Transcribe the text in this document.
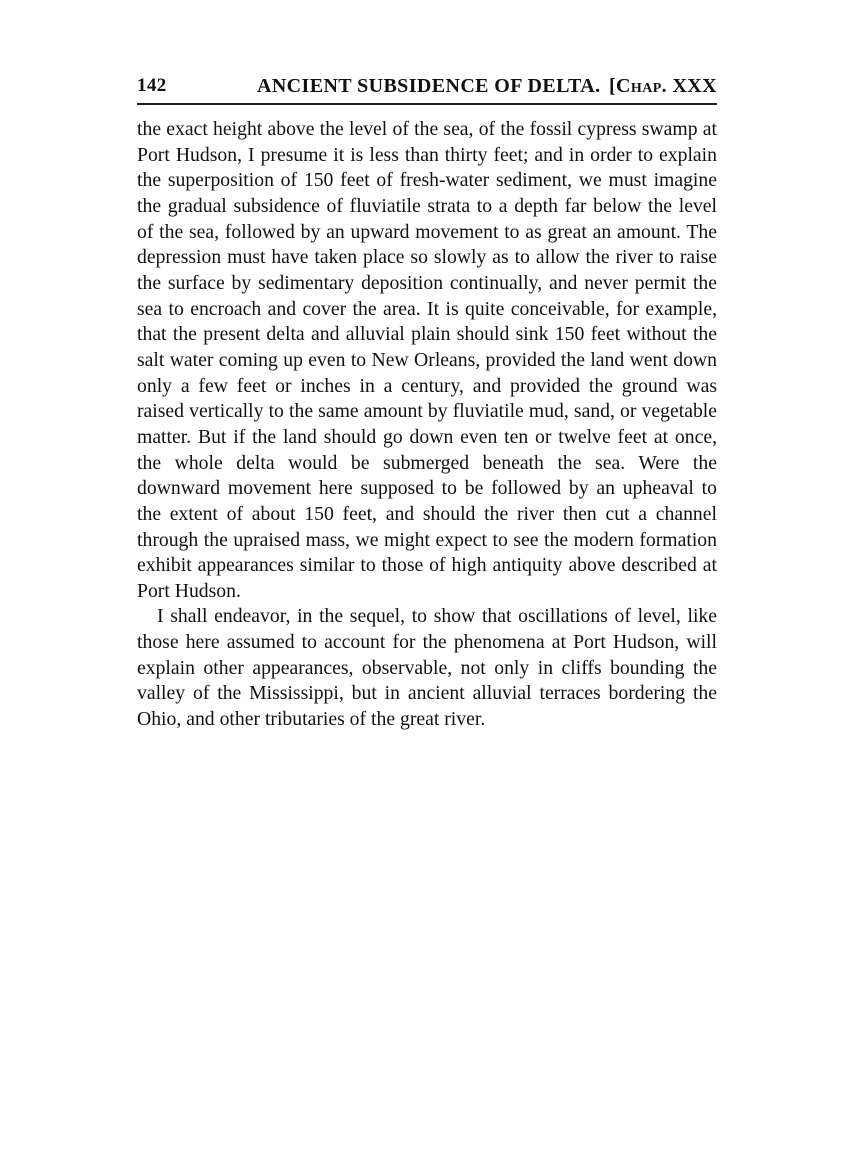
142	ANCIENT SUBSIDENCE OF DELTA. [Chap. XXX

the exact height above the level of the sea, of the fossil cypress swamp at Port Hudson, I presume it is less than thirty feet; and in order to explain the superposition of 150 feet of fresh-water sediment, we must imagine the gradual subsidence of fluviatile strata to a depth far below the level of the sea, followed by an upward movement to as great an amount. The depression must have taken place so slowly as to allow the river to raise the surface by sedimentary deposition continually, and never permit the sea to encroach and cover the area. It is quite conceivable, for example, that the present delta and alluvial plain should sink 150 feet without the salt water coming up even to New Orleans, provided the land went down only a few feet or inches in a century, and provided the ground was raised vertically to the same amount by fluviatile mud, sand, or vegetable matter. But if the land should go down even ten or twelve feet at once, the whole delta would be submerged beneath the sea. Were the downward movement here supposed to be followed by an upheaval to the extent of about 150 feet, and should the river then cut a channel through the upraised mass, we might expect to see the modern formation exhibit appearances similar to those of high antiquity above described at Port Hudson.

I shall endeavor, in the sequel, to show that oscillations of level, like those here assumed to account for the phenomena at Port Hudson, will explain other appearances, observable, not only in cliffs bounding the valley of the Mississippi, but in ancient alluvial terraces bordering the Ohio, and other tributaries of the great river.
